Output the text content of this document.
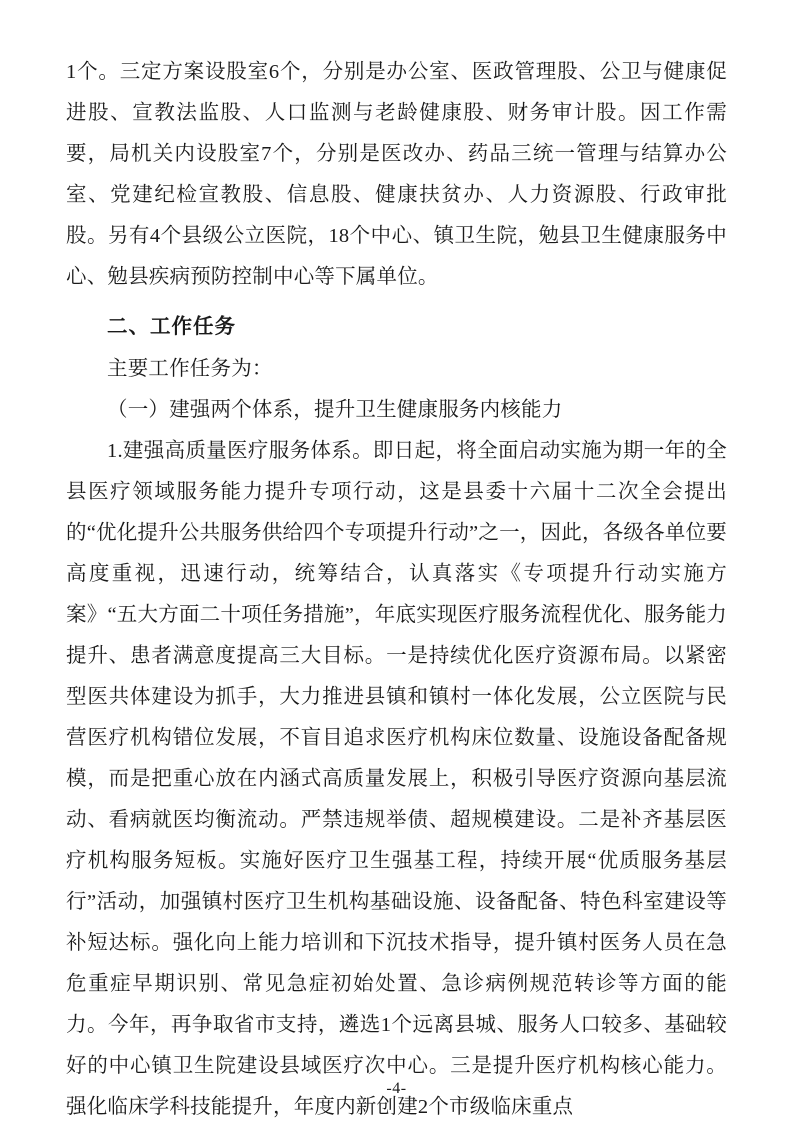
1个。三定方案设股室6个，分别是办公室、医政管理股、公卫与健康促进股、宣教法监股、人口监测与老龄健康股、财务审计股。因工作需要，局机关内设股室7个，分别是医改办、药品三统一管理与结算办公室、党建纪检宣教股、信息股、健康扶贫办、人力资源股、行政审批股。另有4个县级公立医院，18个中心、镇卫生院，勉县卫生健康服务中心、勉县疾病预防控制中心等下属单位。

二、工作任务

主要工作任务为：

（一）建强两个体系，提升卫生健康服务内核能力

1.建强高质量医疗服务体系。即日起，将全面启动实施为期一年的全县医疗领域服务能力提升专项行动，这是县委十六届十二次全会提出的“优化提升公共服务供给四个专项提升行动”之一，因此，各级各单位要高度重视，迅速行动，统筹结合，认真落实《专项提升行动实施方案》“五大方面二十项任务措施”，年底实现医疗服务流程优化、服务能力提升、患者满意度提高三大目标。一是持续优化医疗资源布局。以紧密型医共体建设为抓手，大力推进县镇和镇村一体化发展，公立医院与民营医疗机构错位发展，不盲目追求医疗机构床位数量、设施设备配备规模，而是把重心放在内涵式高质量发展上，积极引导医疗资源向基层流动、看病就医均衡流动。严禁违规举债、超规模建设。二是补齐基层医疗机构服务短板。实施好医疗卫生强基工程，持续开展“优质服务基层行”活动，加强镇村医疗卫生机构基础设施、设备配备、特色科室建设等补短达标。强化向上能力培训和下沉技术指导，提升镇村医务人员在急危重症早期识别、常见急症初始处置、急诊病例规范转诊等方面的能力。今年，再争取省市支持，遴选1个远离县城、服务人口较多、基础较好的中心镇卫生院建设县域医疗次中心。三是提升医疗机构核心能力。强化临床学科技能提升，年度内新创建2个市级临床重点

-4-
